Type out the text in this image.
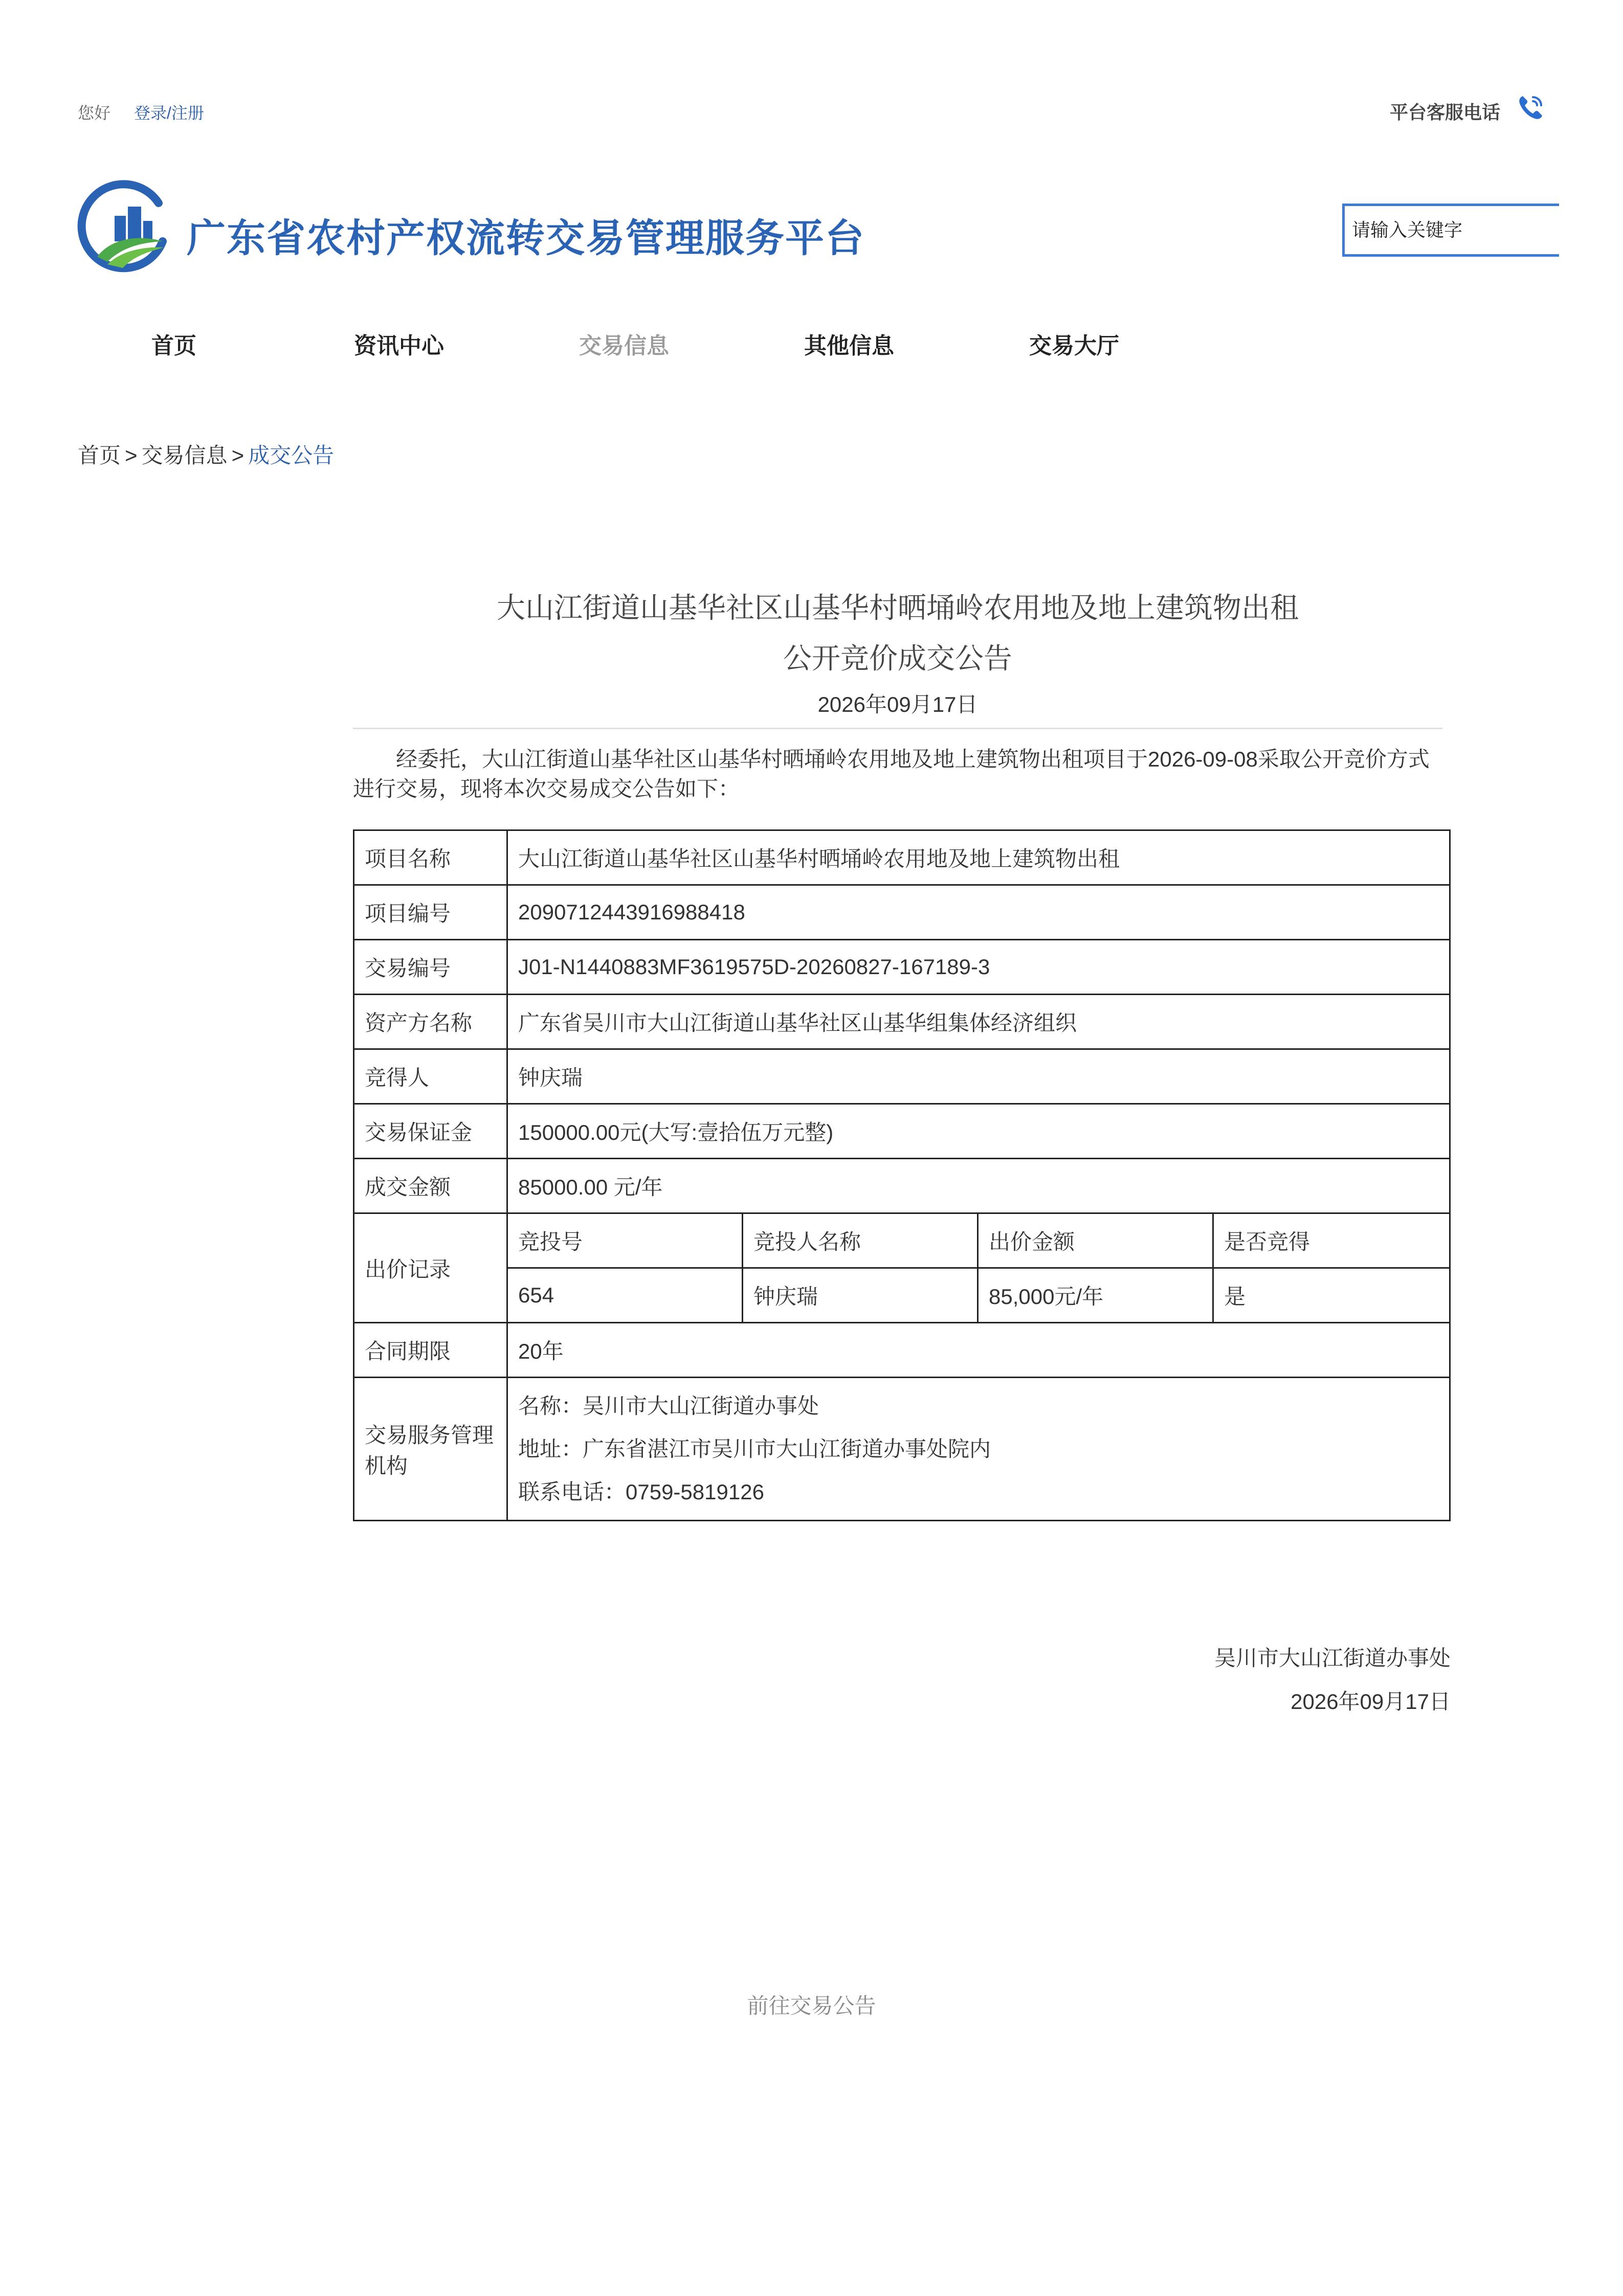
您好 登录/注册	平台客服电话
广东省农村产权流转交易管理服务平台
请输入关键字
首页	资讯中心	交易信息	其他信息	交易大厅
首页 > 交易信息 > 成交公告
大山江街道山基华社区山基华村晒埇岭农用地及地上建筑物出租
公开竞价成交公告
2026年09月17日
经委托，大山江街道山基华社区山基华村晒埇岭农用地及地上建筑物出租项目于2026-09-08采取公开竞价方式进行交易，现将本次交易成交公告如下：
项目名称	大山江街道山基华社区山基华村晒埇岭农用地及地上建筑物出租			
项目编号	2090712443916988418			
交易编号	J01-N1440883MF3619575D-20260827-167189-3			
资产方名称	广东省吴川市大山江街道山基华社区山基华组集体经济组织			
竞得人	钟庆瑞			
交易保证金	150000.00元(大写:壹拾伍万元整)			
成交金额	85000.00 元/年			
出价记录	竞投号	竞投人名称	出价金额	是否竞得
	654	钟庆瑞	85,000元/年	是
合同期限	20年			
交易服务管理机构	名称：吴川市大山江街道办事处
地址：广东省湛江市吴川市大山江街道办事处院内
联系电话：0759-5819126			
吴川市大山江街道办事处
2026年09月17日
前往交易公告
